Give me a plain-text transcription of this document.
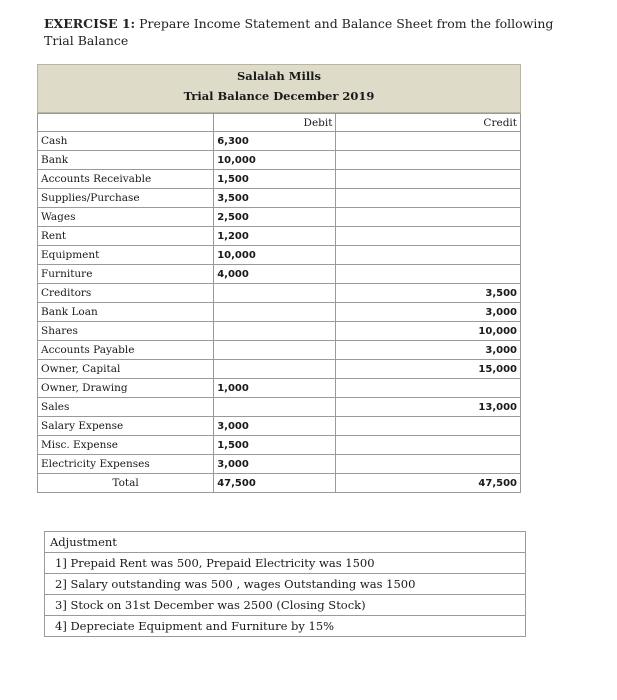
EXERCISE 1: Prepare Income Statement and Balance Sheet from the following Trial Balance
Salalah Mills
Trial Balance December 2019
	Debit	Credit
Cash	6,300	
Bank	10,000	
Accounts Receivable	1,500	
Supplies/Purchase	3,500	
Wages	2,500	
Rent	1,200	
Equipment	10,000	
Furniture	4,000	
Creditors		3,500
Bank Loan		3,000
Shares		10,000
Accounts Payable		3,000
Owner, Capital		15,000
Owner, Drawing	1,000	
Sales		13,000
Salary Expense	3,000	
Misc. Expense	1,500	
Electricity Expenses	3,000	
Total	47,500	47,500
Adjustment
1] Prepaid Rent was 500, Prepaid Electricity was 1500
2] Salary outstanding was 500 , wages Outstanding was 1500
3] Stock on 31st December was 2500 (Closing Stock)
4] Depreciate Equipment and Furniture by 15%
